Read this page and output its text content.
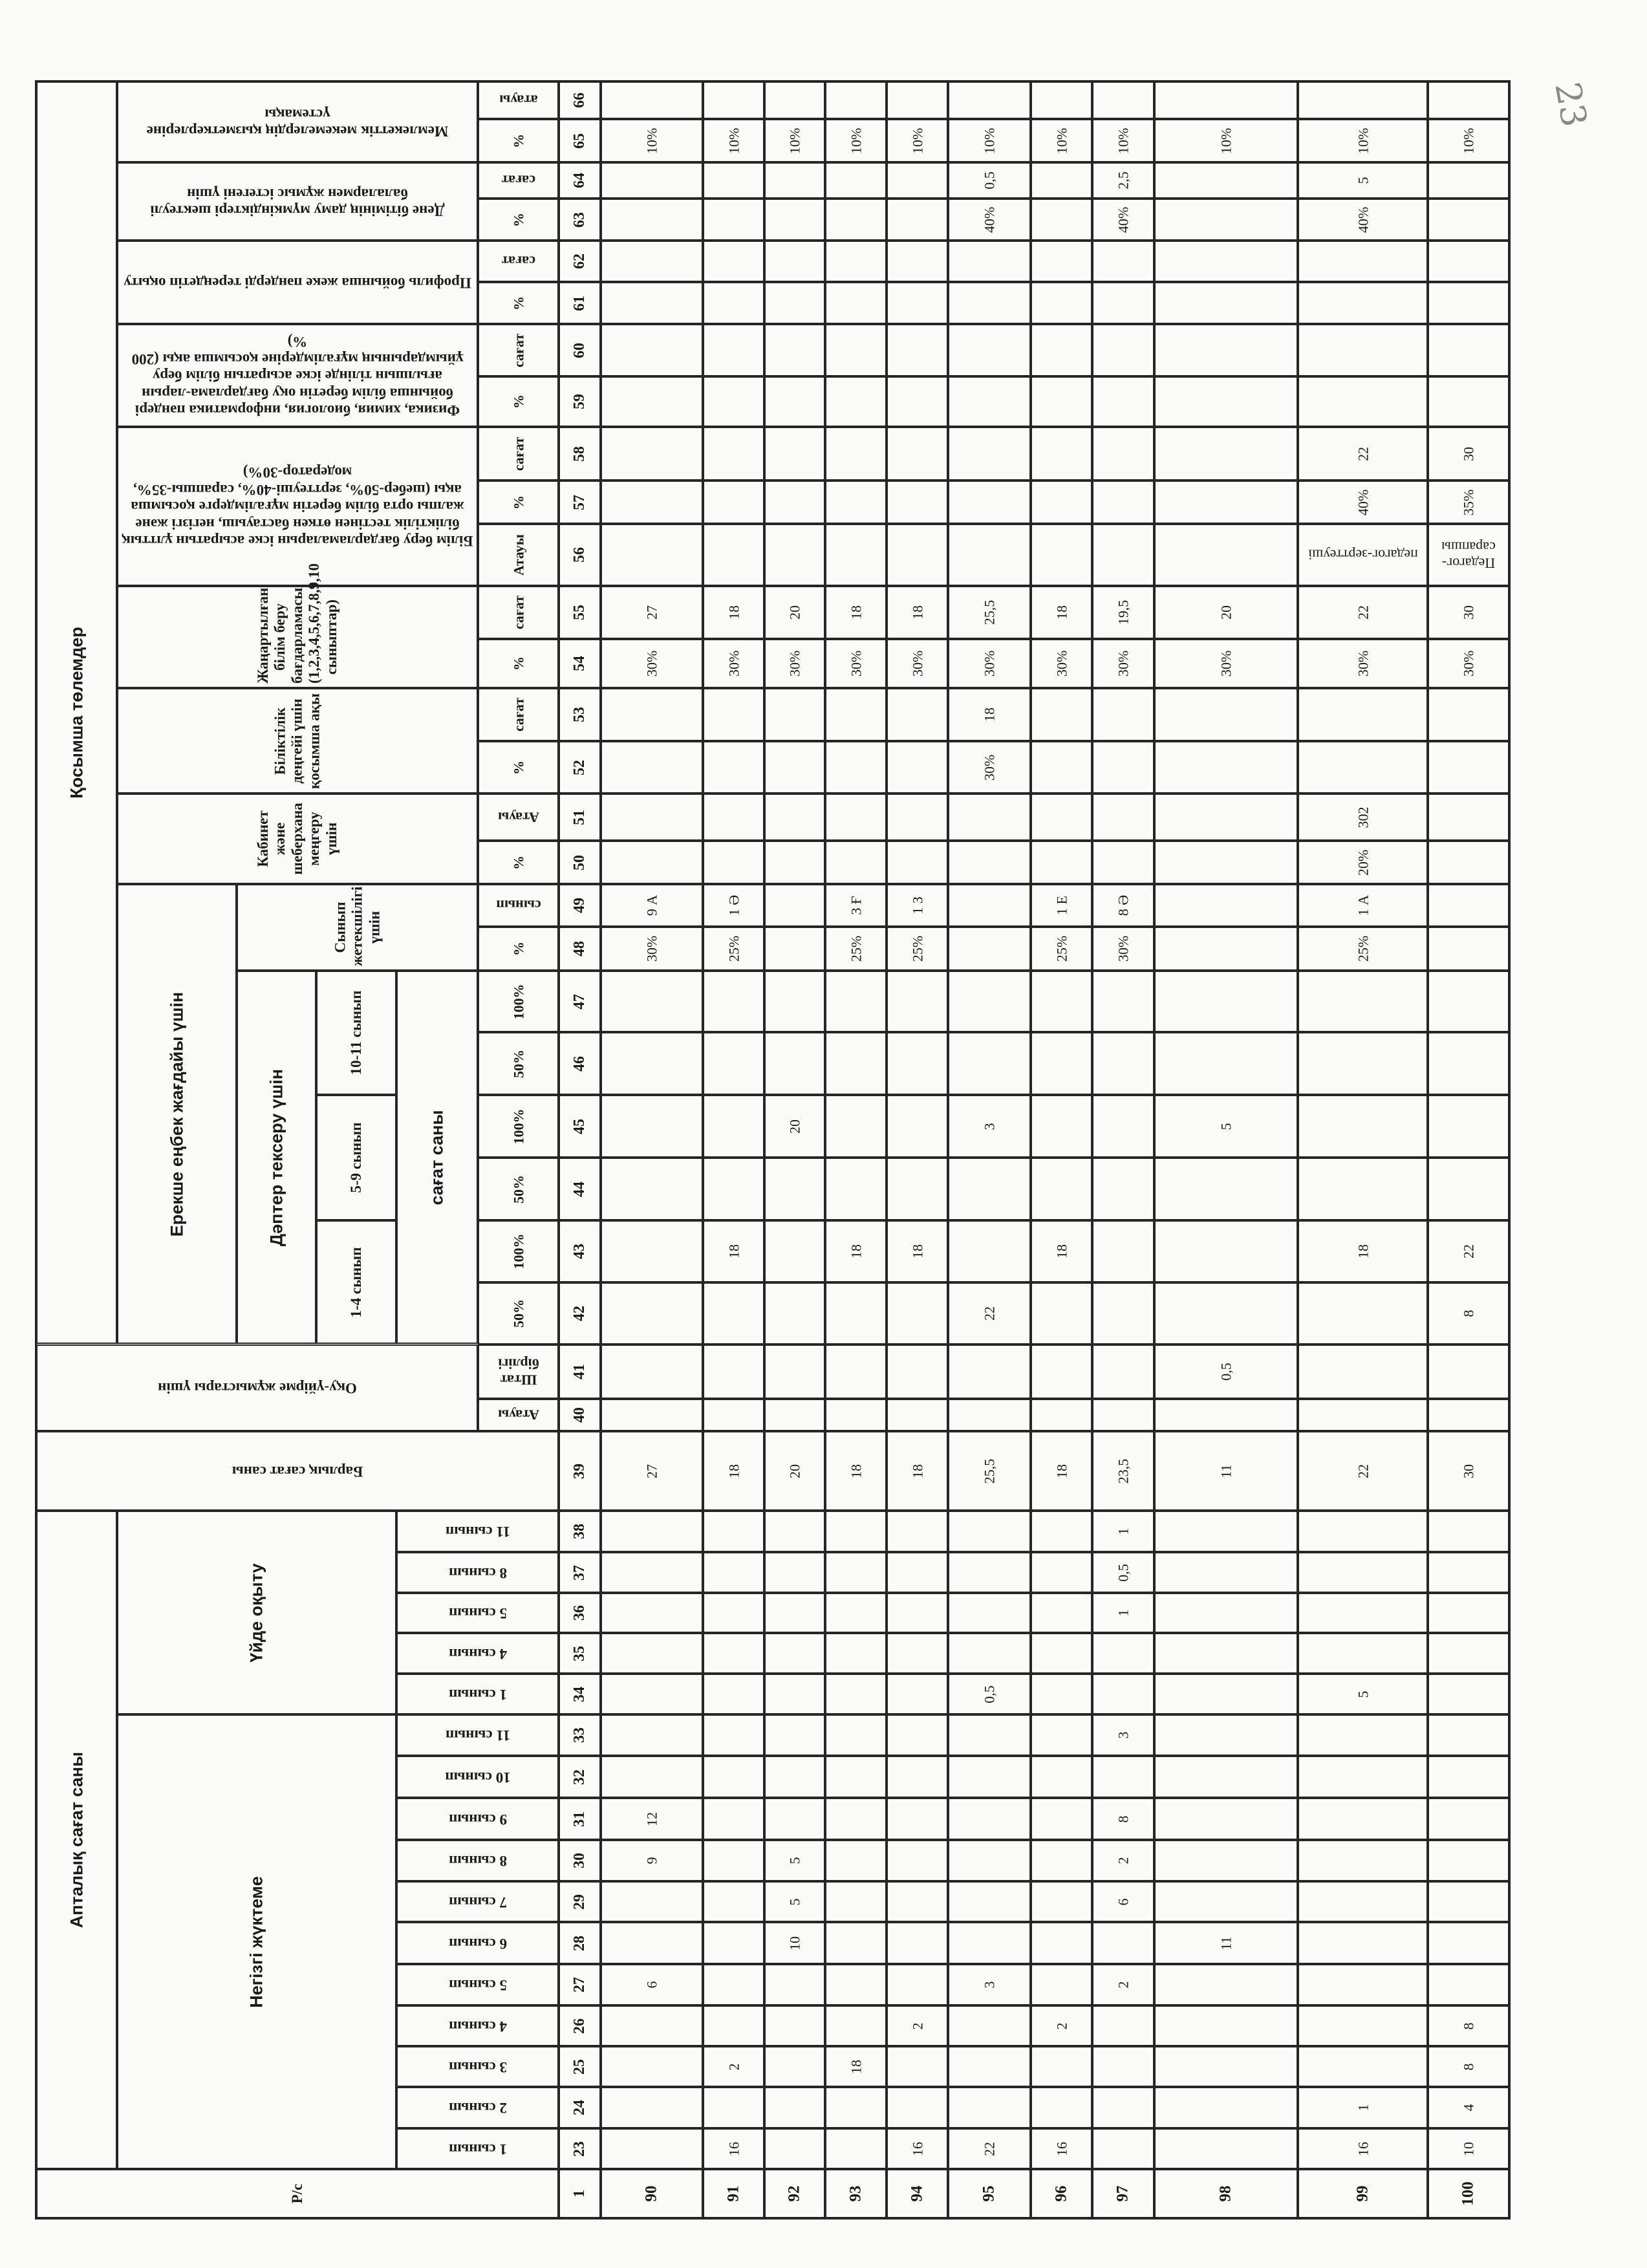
23
Қосымша төлемдер
Мемлекеттік мекемелердің қызметкерлеріне үстемақы
Дене бітімінің даму мүмкіндіктері шектеулі балалармен жұмыс істегені үшін
Профиль бойынша жеке пәндерді тереңдетіп оқыту
Физика, химия, биология, информатика пәндері бойынша білім беретін оқу бағдарлама-ларын ағылшын тілінде іске асыратын білім беру ұйымдарының мұғалімдеріне қосымша ақы (200 %)
Білім беру бағдарламаларын іске асыратын ұлттық біліктілік тестінен өткен бастауыш, негізгі және жалпы орта білім беретін мұғалімдерге қосымша ақы (шебер-50%, зерттеуші-40%, сарапшы-35%, модератор-30%)
Жаңартылған білім беру бағдарламасы (1,2,3,4,5,6,7,8,9,10 сыныптар)
Біліктілік деңгейі үшін қосымша ақы
Кабинет және шеберхана меңгеру үшін
Ерекше еңбек жағдайы үшін
Сынып жетекшілігі үшін
Дәптер тексеру үшін
10-11 сынып
5-9 сынып
1-4 сынып
сағат саны
Оқу-үйірме жұмыстары үшін
Барлық сағат саны
Апталық сағат саны
Үйде оқыту
Негізгі жүктеме
Р/с
Атауы
Штат бірлігі
50%
100%
50%
100%
50%
100%
%
сынып
%
Атауы
%
сағат
%
сағат
Атауы
%
сағат
%
сағат
%
сағат
%
сағат
%
атауы
1 сынып
2 сынып
3 сынып
4 сынып
5 сынып
6 сынып
7 сынып
8 сынып
9 сынып
10 сынып
11 сынып
1 сынып
4 сынып
5 сынып
8 сынып
11 сынып
66
65
64
63
62
61
60
59
58
57
56
55
54
53
52
51
50
49
48
47
46
45
44
43
42
41
40
39
38
37
36
35
34
33
32
31
30
29
28
27
26
25
24
23
1	90
6
9
12
27
30%
9 А
30%
27
10%
91
16
2
18
18
25%
1 Ә
30%
18
10%
92
10
5
5
20
20
30%
20
10%
93
18
18
18
25%
3 Ғ
30%
18
10%
94
16
2
18
18
25%
1 З
30%
18
10%
95
22
3
0,5
25,5
22
3
30%
18
30%
25,5
40%
0,5
10%
96
16
2
18
18
25%
1 Е
30%
18
10%
97
2
6
2
8
3
1
0,5
1
23,5
30%
8 Ә
30%
19,5
40%
2,5
10%
98
11
11
0,5
5
30%
20
10%
99
16
1
5
22
18
25%
1 А
20%
302
30%
22
педагог-зерттеуші
40%
22
40%
5
10%
100
10
4
8
8
30
8
22
30%
30
Педагог-сарапшы
35%
30
10%
